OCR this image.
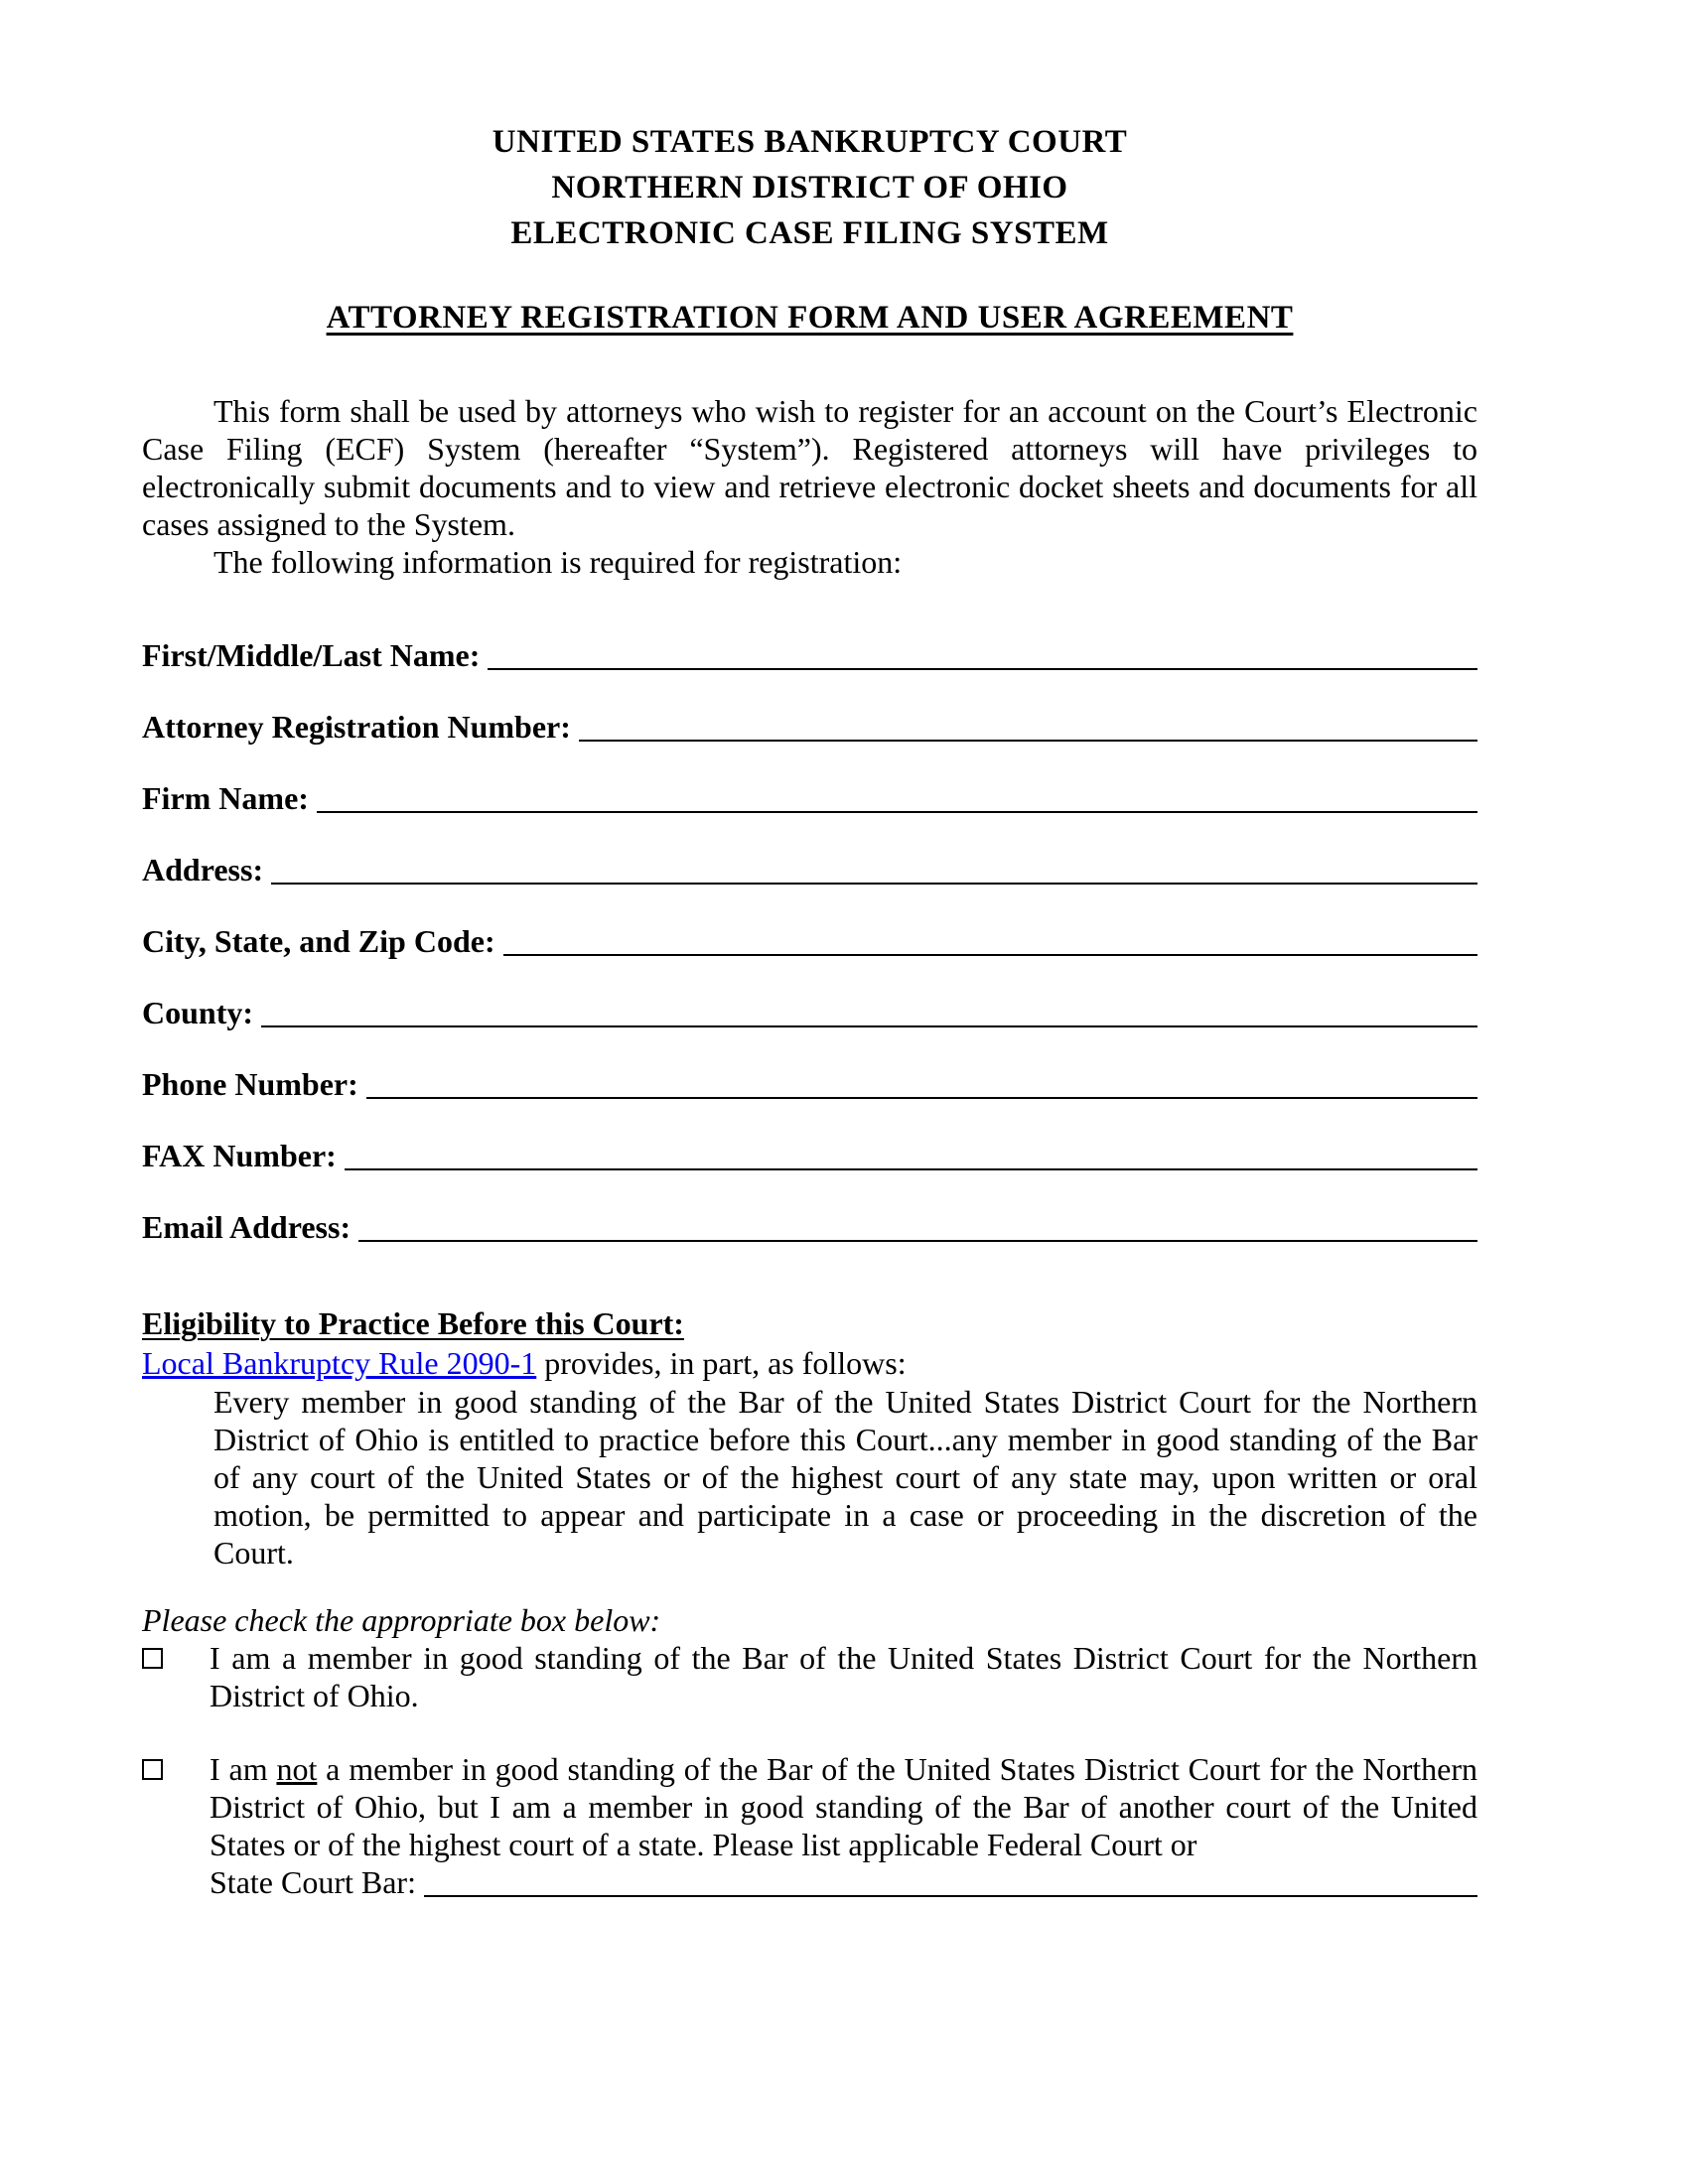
UNITED STATES BANKRUPTCY COURT
NORTHERN DISTRICT OF OHIO
ELECTRONIC CASE FILING SYSTEM
ATTORNEY REGISTRATION FORM AND USER AGREEMENT

This form shall be used by attorneys who wish to register for an account on the Court’s Electronic Case Filing (ECF) System (hereafter “System”). Registered attorneys will have privileges to electronically submit documents and to view and retrieve electronic docket sheets and documents for all cases assigned to the System.

The following information is required for registration:

First/Middle/Last Name:
Attorney Registration Number:
Firm Name:
Address:
City, State, and Zip Code:
County:
Phone Number:
FAX Number:
Email Address:
Eligibility to Practice Before this Court:
Local Bankruptcy Rule 2090-1 provides, in part, as follows:
Every member in good standing of the Bar of the United States District Court for the Northern District of Ohio is entitled to practice before this Court...any member in good standing of the Bar of any court of the United States or of the highest court of any state may, upon written or oral motion, be permitted to appear and participate in a case or proceeding in the discretion of the Court.
Please check the appropriate box below:
I am a member in good standing of the Bar of the United States District Court for the Northern District of Ohio.
I am not a member in good standing of the Bar of the United States District Court for the Northern District of Ohio, but I am a member in good standing of the Bar of another court of the United States or of the highest court of a state. Please list applicable Federal Court or
State Court Bar:
